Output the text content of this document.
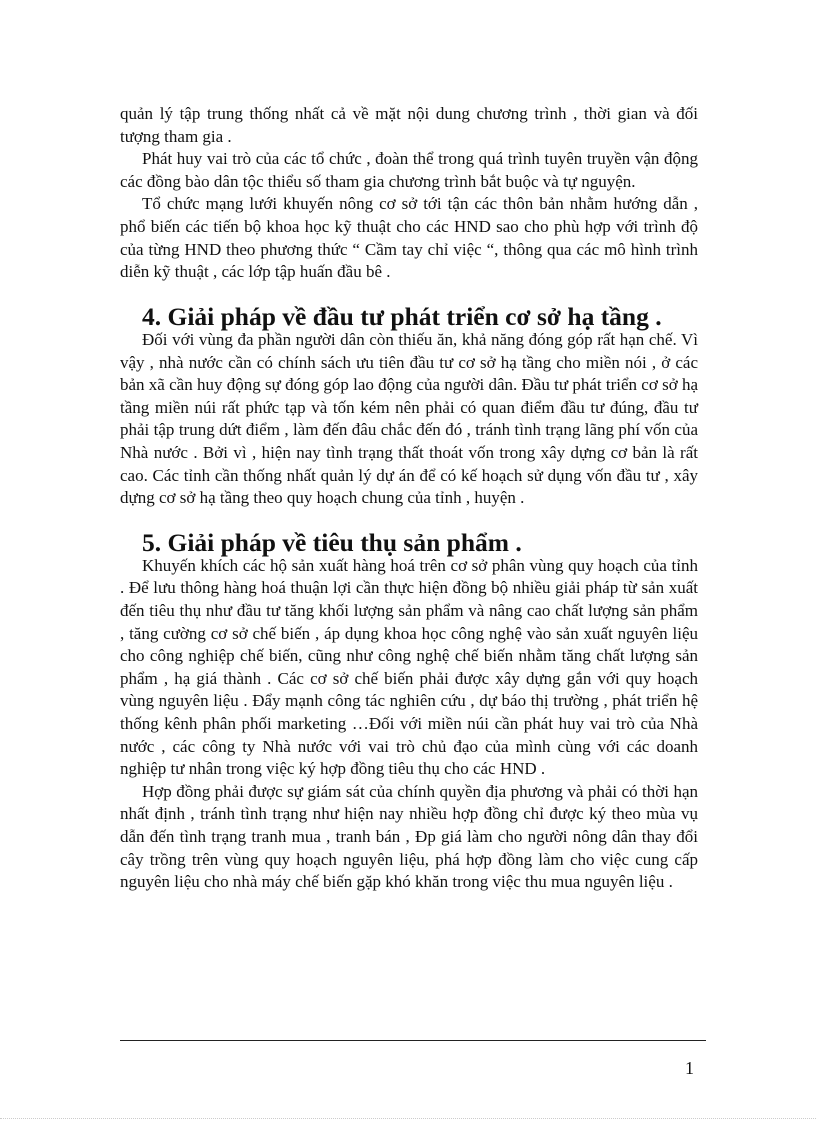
quản lý tập trung thống nhất cả về mặt nội dung chương trình , thời gian và đối tượng tham gia .

Phát huy vai trò của các tổ chức , đoàn thể trong quá trình tuyên truyền vận động các đồng bào dân tộc thiểu số tham gia chương trình bắt buộc và tự nguyện.

Tổ chức mạng lưới khuyến nông cơ sở tới tận các thôn bản nhằm hướng dẫn , phổ biến các tiến bộ khoa học kỹ thuật cho các HND sao cho phù hợp với trình độ của từng HND theo phương thức “ Cầm tay chỉ việc “, thông qua các mô hình trình diễn kỹ thuật , các lớp tập huấn đầu bê .

4. Giải pháp về đầu tư phát triển cơ sở hạ tầng .

Đối với vùng đa phần người dân còn thiếu ăn, khả năng đóng góp rất hạn chế. Vì vậy , nhà nước cần có chính sách ưu tiên đầu tư cơ sở hạ tầng cho miền nói , ở các bản xã cần huy động sự đóng góp lao động của người dân. Đầu tư phát triển cơ sở hạ tầng miền núi rất phức tạp và tốn kém nên phải có quan điểm đầu tư đúng, đầu tư phải tập trung dứt điểm , làm đến đâu chắc đến đó , tránh tình trạng lãng phí vốn của Nhà nước . Bởi vì , hiện nay tình trạng thất thoát vốn trong xây dựng cơ bản là rất cao. Các tỉnh cần thống nhất quản lý dự án để có kế hoạch sử dụng vốn đầu tư , xây dựng cơ sở hạ tầng theo quy hoạch chung của tỉnh , huyện .

5. Giải pháp về tiêu thụ sản phẩm .

Khuyến khích các hộ sản xuất hàng hoá trên cơ sở phân vùng quy hoạch của tỉnh . Để lưu thông hàng hoá thuận lợi cần thực hiện đồng bộ nhiều giải pháp từ sản xuất đến tiêu thụ như đầu tư tăng khối lượng sản phẩm và nâng cao chất lượng sản phẩm , tăng cường cơ sở chế biến , áp dụng khoa học công nghệ vào sản xuất nguyên liệu cho công nghiệp chế biến, cũng như công nghệ chế biến nhằm tăng chất lượng sản phẩm , hạ giá thành . Các cơ sở chế biến phải được xây dựng gắn với quy hoạch vùng nguyên liệu . Đẩy mạnh công tác nghiên cứu , dự báo thị trường , phát triển hệ thống kênh phân phối marketing …Đối với miền núi cần phát huy vai trò của Nhà nước , các công ty Nhà nước với vai trò chủ đạo của mình cùng với các doanh nghiệp tư nhân trong việc ký hợp đồng tiêu thụ cho các HND .

Hợp đồng phải được sự giám sát của chính quyền địa phương và phải có thời hạn nhất định , tránh tình trạng như hiện nay nhiều hợp đồng chỉ được ký theo mùa vụ dẫn đến tình trạng tranh mua , tranh bán , Đp giá làm cho người nông dân thay đổi cây trồng trên vùng quy hoạch nguyên liệu, phá hợp đồng làm cho việc cung cấp nguyên liệu cho nhà máy chế biến gặp khó khăn trong việc thu mua nguyên liệu .

1
